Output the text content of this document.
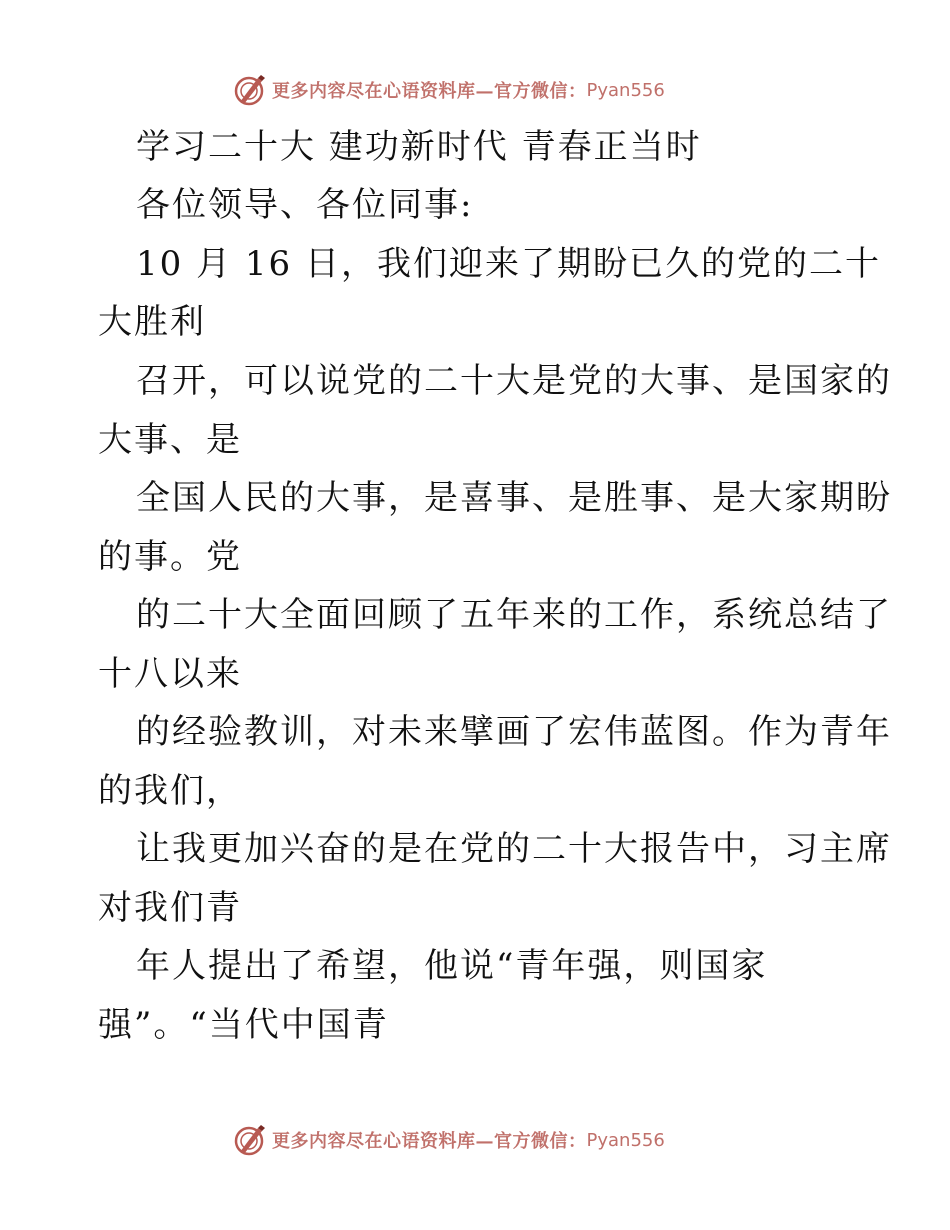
更多内容尽在心语资料库—官方微信： Pyan556
学习二十大 建功新时代 青春正当时
各位领导、各位同事:
10 月 16 日，我们迎来了期盼已久的党的二十
大胜利
召开，可以说党的二十大是党的大事、是国家的
大事、是
全国人民的大事，是喜事、是胜事、是大家期盼
的事。党
的二十大全面回顾了五年来的工作，系统总结了
十八以来
的经验教训，对未来擘画了宏伟蓝图。作为青年
的我们，
让我更加兴奋的是在党的二十大报告中，习主席
对我们青
年人提出了希望，他说“青年强，则国家
强”。“当代中国青
更多内容尽在心语资料库—官方微信： Pyan556
